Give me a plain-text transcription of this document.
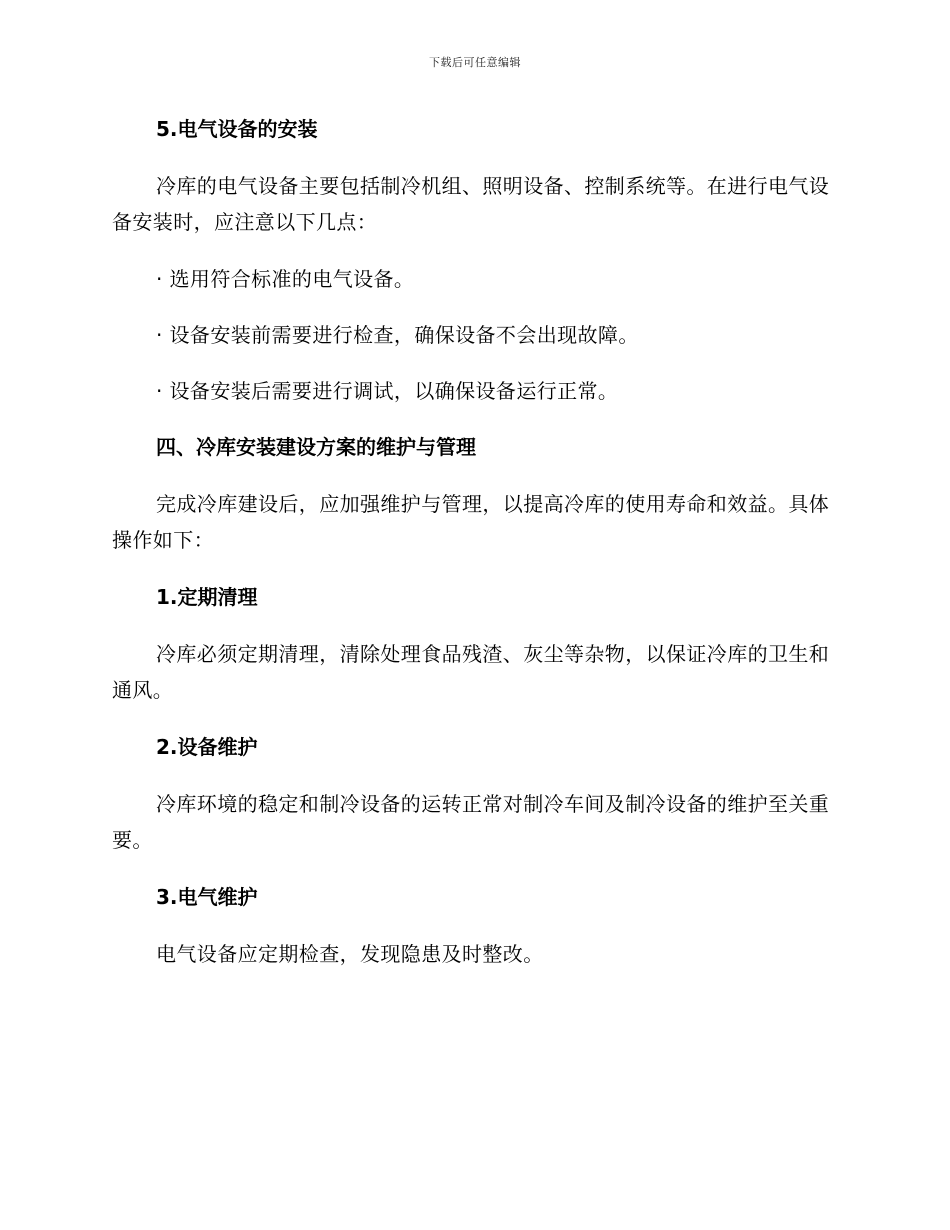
下载后可任意编辑
5.电气设备的安装

冷库的电气设备主要包括制冷机组、照明设备、控制系统等。在进行电气设备安装时，应注意以下几点：

· 选用符合标准的电气设备。
· 设备安装前需要进行检查，确保设备不会出现故障。
· 设备安装后需要进行调试，以确保设备运行正常。
四、冷库安装建设方案的维护与管理

完成冷库建设后，应加强维护与管理，以提高冷库的使用寿命和效益。具体操作如下：

1.定期清理

冷库必须定期清理，清除处理食品残渣、灰尘等杂物，以保证冷库的卫生和通风。

2.设备维护

冷库环境的稳定和制冷设备的运转正常对制冷车间及制冷设备的维护至关重要。

3.电气维护

电气设备应定期检查，发现隐患及时整改。
